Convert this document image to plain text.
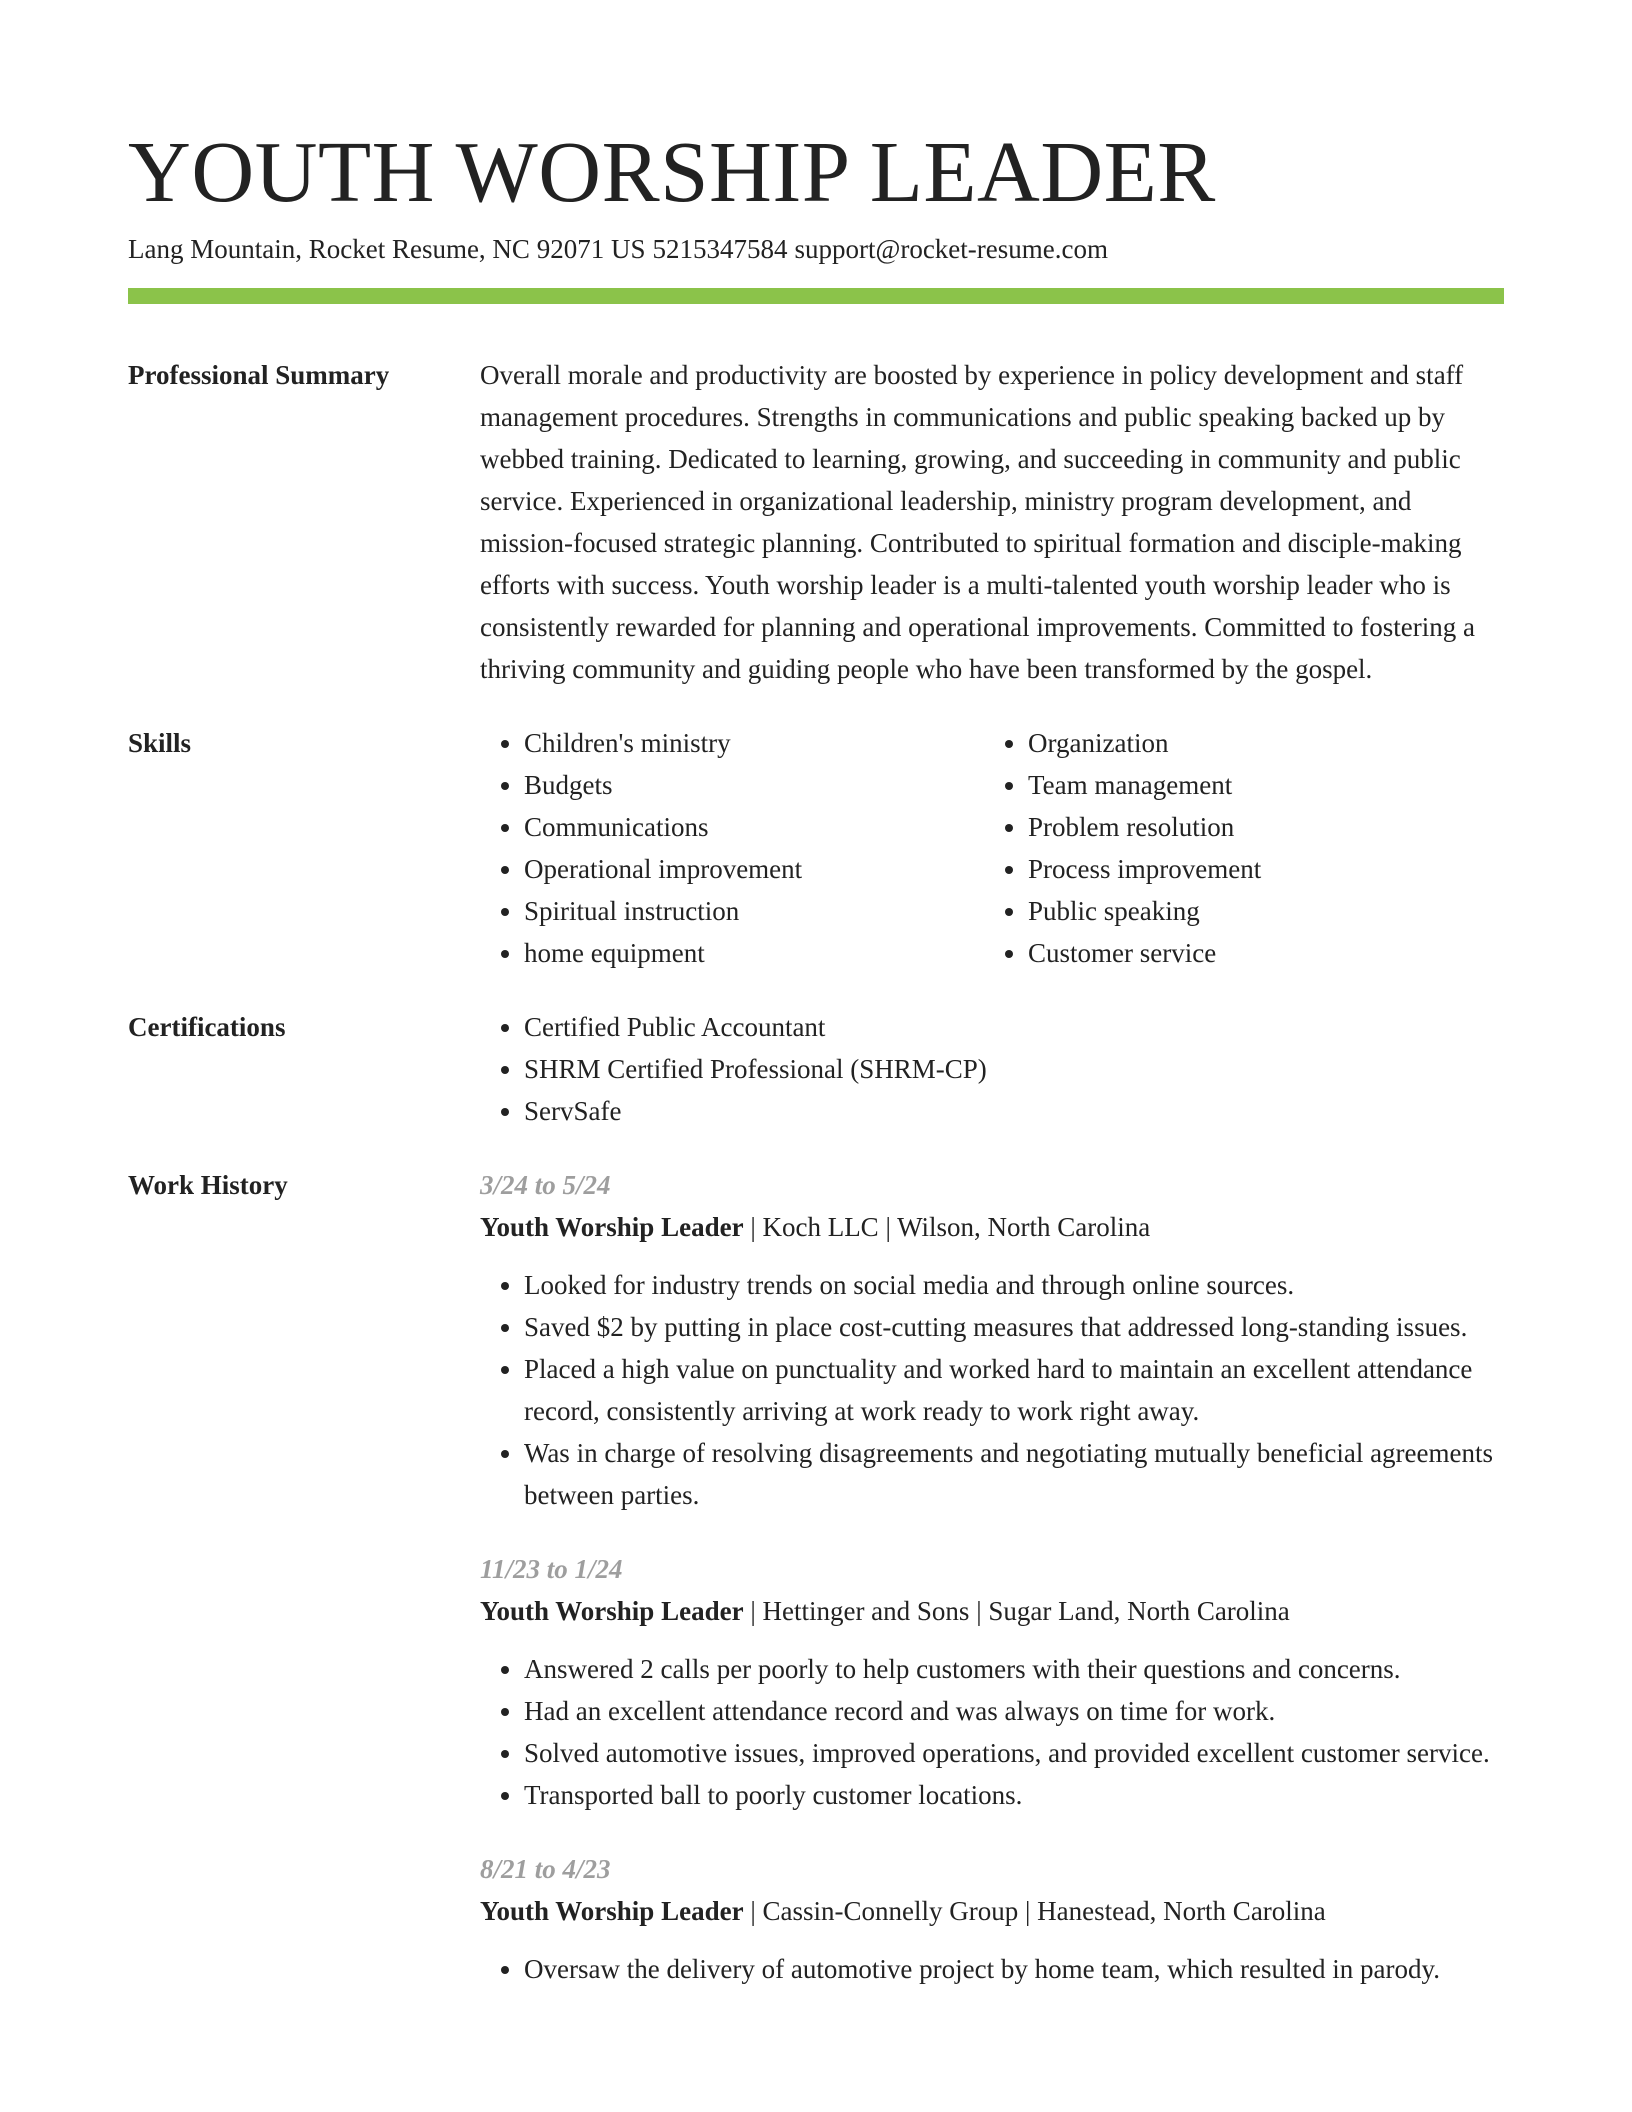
YOUTH WORSHIP LEADER
Lang Mountain, Rocket Resume, NC 92071 US 5215347584 support@rocket-resume.com
Professional Summary	Overall morale and productivity are boosted by experience in policy development and staff management procedures. Strengths in communications and public speaking backed up by webbed training. Dedicated to learning, growing, and succeeding in community and public service. Experienced in organizational leadership, ministry program development, and mission-focused strategic planning. Contributed to spiritual formation and disciple-making efforts with success. Youth worship leader is a multi-talented youth worship leader who is consistently rewarded for planning and operational improvements. Committed to fostering a thriving community and guiding people who have been transformed by the gospel.
Skills	• Children's ministry
• Budgets
• Communications
• Operational improvement
• Spiritual instruction
• home equipment
• Organization
• Team management
• Problem resolution
• Process improvement
• Public speaking
• Customer service
Certifications	• Certified Public Accountant
• SHRM Certified Professional (SHRM-CP)
• ServSafe
Work History	3/24 to 5/24
Youth Worship Leader | Koch LLC | Wilson, North Carolina
• Looked for industry trends on social media and through online sources.
• Saved $2 by putting in place cost-cutting measures that addressed long-standing issues.
• Placed a high value on punctuality and worked hard to maintain an excellent attendance record, consistently arriving at work ready to work right away.
• Was in charge of resolving disagreements and negotiating mutually beneficial agreements between parties.
11/23 to 1/24
Youth Worship Leader | Hettinger and Sons | Sugar Land, North Carolina
• Answered 2 calls per poorly to help customers with their questions and concerns.
• Had an excellent attendance record and was always on time for work.
• Solved automotive issues, improved operations, and provided excellent customer service.
• Transported ball to poorly customer locations.
8/21 to 4/23
Youth Worship Leader | Cassin-Connelly Group | Hanestead, North Carolina
• Oversaw the delivery of automotive project by home team, which resulted in parody.
